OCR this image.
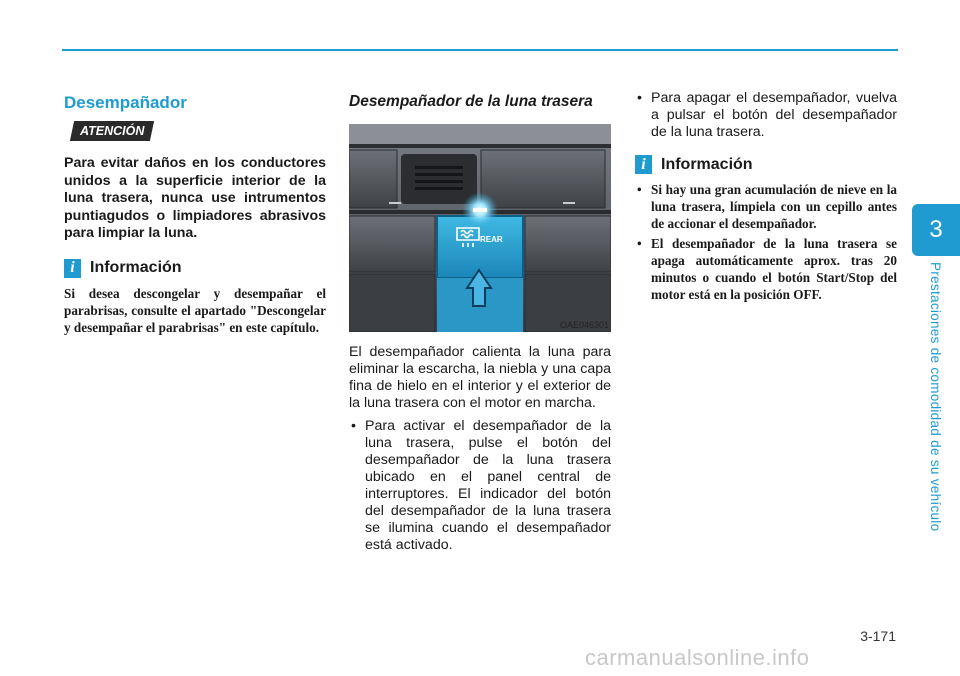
Desempañador
ATENCIÓN

Para evitar daños en los conductores unidos a la superficie interior de la luna trasera, nunca use intrumentos puntiagudos o limpiadores abrasivos para limpiar la luna.

i Información

Si desea descongelar y desempañar el parabrisas, consulte el apartado "Descongelar y desempañar el parabrisas" en este capítulo.

Desempañador de la luna trasera
REAR
OAE046301

El desempañador calienta la luna para eliminar la escarcha, la niebla y una capa fina de hielo en el interior y el exterior de la luna trasera con el motor en marcha.

• Para activar el desempañador de la luna trasera, pulse el botón del desempañador de la luna trasera ubicado en el panel central de interruptores. El indicador del botón del desempañador de la luna trasera se ilumina cuando el desempañador está activado.
• Para apagar el desempañador, vuelva a pulsar el botón del desempañador de la luna trasera.
i Información
• Si hay una gran acumulación de nieve en la luna trasera, límpiela con un cepillo antes de accionar el desempañador.
• El desempañador de la luna trasera se apaga automáticamente aprox. tras 20 minutos o cuando el botón Start/Stop del motor está en la posición OFF.
3
Prestaciones de comodidad de su vehículo
3-171
carmanualsonline.info
